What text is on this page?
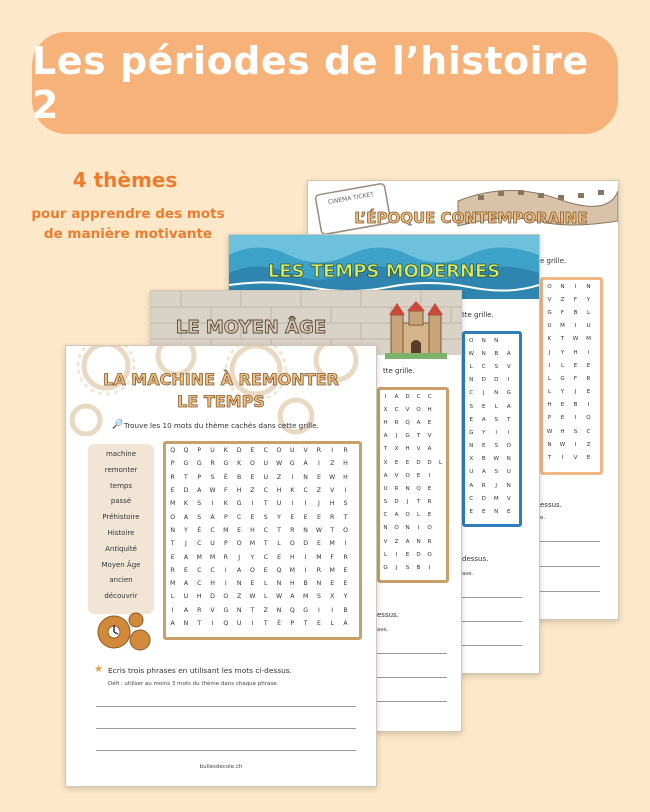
Les périodes de l’histoire 2
4 thèmes
pour apprendre des mots
de manière motivante
CINEMA TICKET
L’ÉPOQUE CONTEMPORAINE
e grille.
O	N	I	N
V	Z	F	Y
G	F	B	L
U	M	I	U
K	T	W	M
J	Y	H	I
I	L	E	E
L	G	F	R
L	Y	J	E
H	E	B	I
P	E	I	Q
W	H	S	C
N	W	I	Z
T	I	V	E
essus.
e.
LES TEMPS MODERNES
tte grille.
O	N	N	
W	N	B	A
L	C	S	V
N	D	D	I
C	J	N	G
S	E	L	A
E	A	S	T
G	Y	I	I
N	E	S	O
X	B	W	N
U	A	S	U
A	R	J	N
C	D	M	V
E	E	N	E
dessus.
ase.
LE MOYEN ÂGE
tte grille.
I	A	D	C	C	
X	C	V	O	H	
H	R	Q	A	E	
A	J	G	T	V	
T	X	H	V	A	
X	E	E	D	D	L
A	V	O	E	I	
U	R	N	Q	E	
S	D	J	T	R	
C	A	O	L	E	
N	O	N	I	O	
V	Z	A	N	R	
L	I	E	D	O	
G	J	S	B	I	
essus.
ase.
LA MACHINE À REMONTER
LE TEMPS
🔎 Trouve les 10 mots du thème cachés dans cette grille.
machine
remonter
temps
passé
Préhistoire
Histoire
Antiquité
Moyen Âge
ancien
découvrir
Q	Q	P	U	K	D	E	C	O	U	V	R	I	R
P	G	G	R	G	K	O	U	W	G	A	I	Z	H
R	T	P	S	É	B	E	U	Z	I	N	E	W	H
E	D	A	W	F	H	Z	C	H	K	C	Z	V	I
M	K	S	I	K	G	I	T	U	I	I	J	H	S
O	A	S	A	P	C	E	S	Y	E	E	E	R	T
N	Y	É	C	M	E	H	C	T	R	N	W	T	O
T	J	C	U	P	O	M	T	L	O	D	E	M	I
E	A	M	M	R	J	Y	C	E	H	I	M	F	R
R	E	C	C	I	A	O	E	Q	M	I	R	M	E
M	A	C	H	I	N	E	L	N	H	B	N	E	E
L	U	H	D	O	Z	W	L	W	A	M	S	X	Y
I	A	R	V	G	N	T	Z	N	Q	G	I	I	B
A	N	T	I	Q	U	I	T	É	P	T	E	L	A
★ Ecris trois phrases en utilisant les mots ci-dessus.
Défi : utiliser au moins 3 mots du thème dans chaque phrase.
bullesdecole.ch
